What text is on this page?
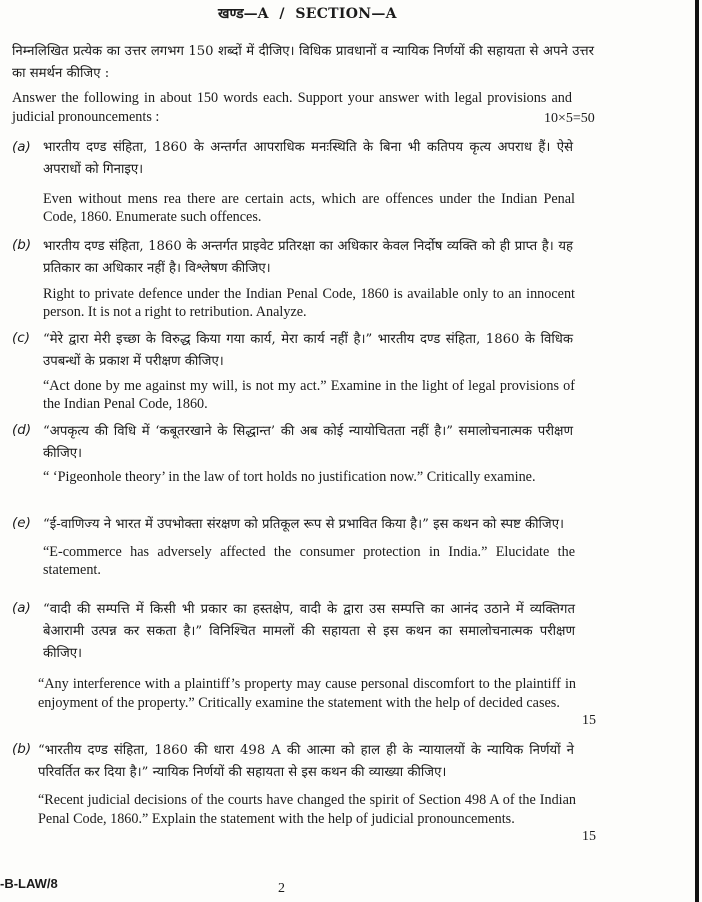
खण्ड—A / SECTION—A
निम्नलिखित प्रत्येक का उत्तर लगभग 150 शब्दों में दीजिए। विधिक प्रावधानों व न्यायिक निर्णयों की सहायता से अपने उत्तर का समर्थन कीजिए :
Answer the following in about 150 words each. Support your answer with legal provisions and judicial pronouncements :	10×5=50
(a) भारतीय दण्ड संहिता, 1860 के अन्तर्गत आपराधिक मनःस्थिति के बिना भी कतिपय कृत्य अपराध हैं। ऐसे अपराधों को गिनाइए।
Even without mens rea there are certain acts, which are offences under the Indian Penal Code, 1860. Enumerate such offences.
(b) भारतीय दण्ड संहिता, 1860 के अन्तर्गत प्राइवेट प्रतिरक्षा का अधिकार केवल निर्दोष व्यक्ति को ही प्राप्त है। यह प्रतिकार का अधिकार नहीं है। विश्लेषण कीजिए।
Right to private defence under the Indian Penal Code, 1860 is available only to an innocent person. It is not a right to retribution. Analyze.
(c) “मेरे द्वारा मेरी इच्छा के विरुद्ध किया गया कार्य, मेरा कार्य नहीं है।” भारतीय दण्ड संहिता, 1860 के विधिक उपबन्धों के प्रकाश में परीक्षण कीजिए।
“Act done by me against my will, is not my act.” Examine in the light of legal provisions of the Indian Penal Code, 1860.
(d) “अपकृत्य की विधि में ‘कबूतरखाने के सिद्धान्त’ की अब कोई न्यायोचितता नहीं है।” समालोचनात्मक परीक्षण कीजिए।
“ ‘Pigeonhole theory’ in the law of tort holds no justification now.” Critically examine.
(e) “ई-वाणिज्य ने भारत में उपभोक्ता संरक्षण को प्रतिकूल रूप से प्रभावित किया है।” इस कथन को स्पष्ट कीजिए।
“E-commerce has adversely affected the consumer protection in India.” Elucidate the statement.
(a) “वादी की सम्पत्ति में किसी भी प्रकार का हस्तक्षेप, वादी के द्वारा उस सम्पत्ति का आनंद उठाने में व्यक्तिगत बेआरामी उत्पन्न कर सकता है।” विनिश्चित मामलों की सहायता से इस कथन का समालोचनात्मक परीक्षण कीजिए।
“Any interference with a plaintiff’s property may cause personal discomfort to the plaintiff in enjoyment of the property.” Critically examine the statement with the help of decided cases.
15
(b) “भारतीय दण्ड संहिता, 1860 की धारा 498 A की आत्मा को हाल ही के न्यायालयों के न्यायिक निर्णयों ने परिवर्तित कर दिया है।” न्यायिक निर्णयों की सहायता से इस कथन की व्याख्या कीजिए।
“Recent judicial decisions of the courts have changed the spirit of Section 498 A of the Indian Penal Code, 1860.” Explain the statement with the help of judicial pronouncements.
15
-B-LAW/8	2
